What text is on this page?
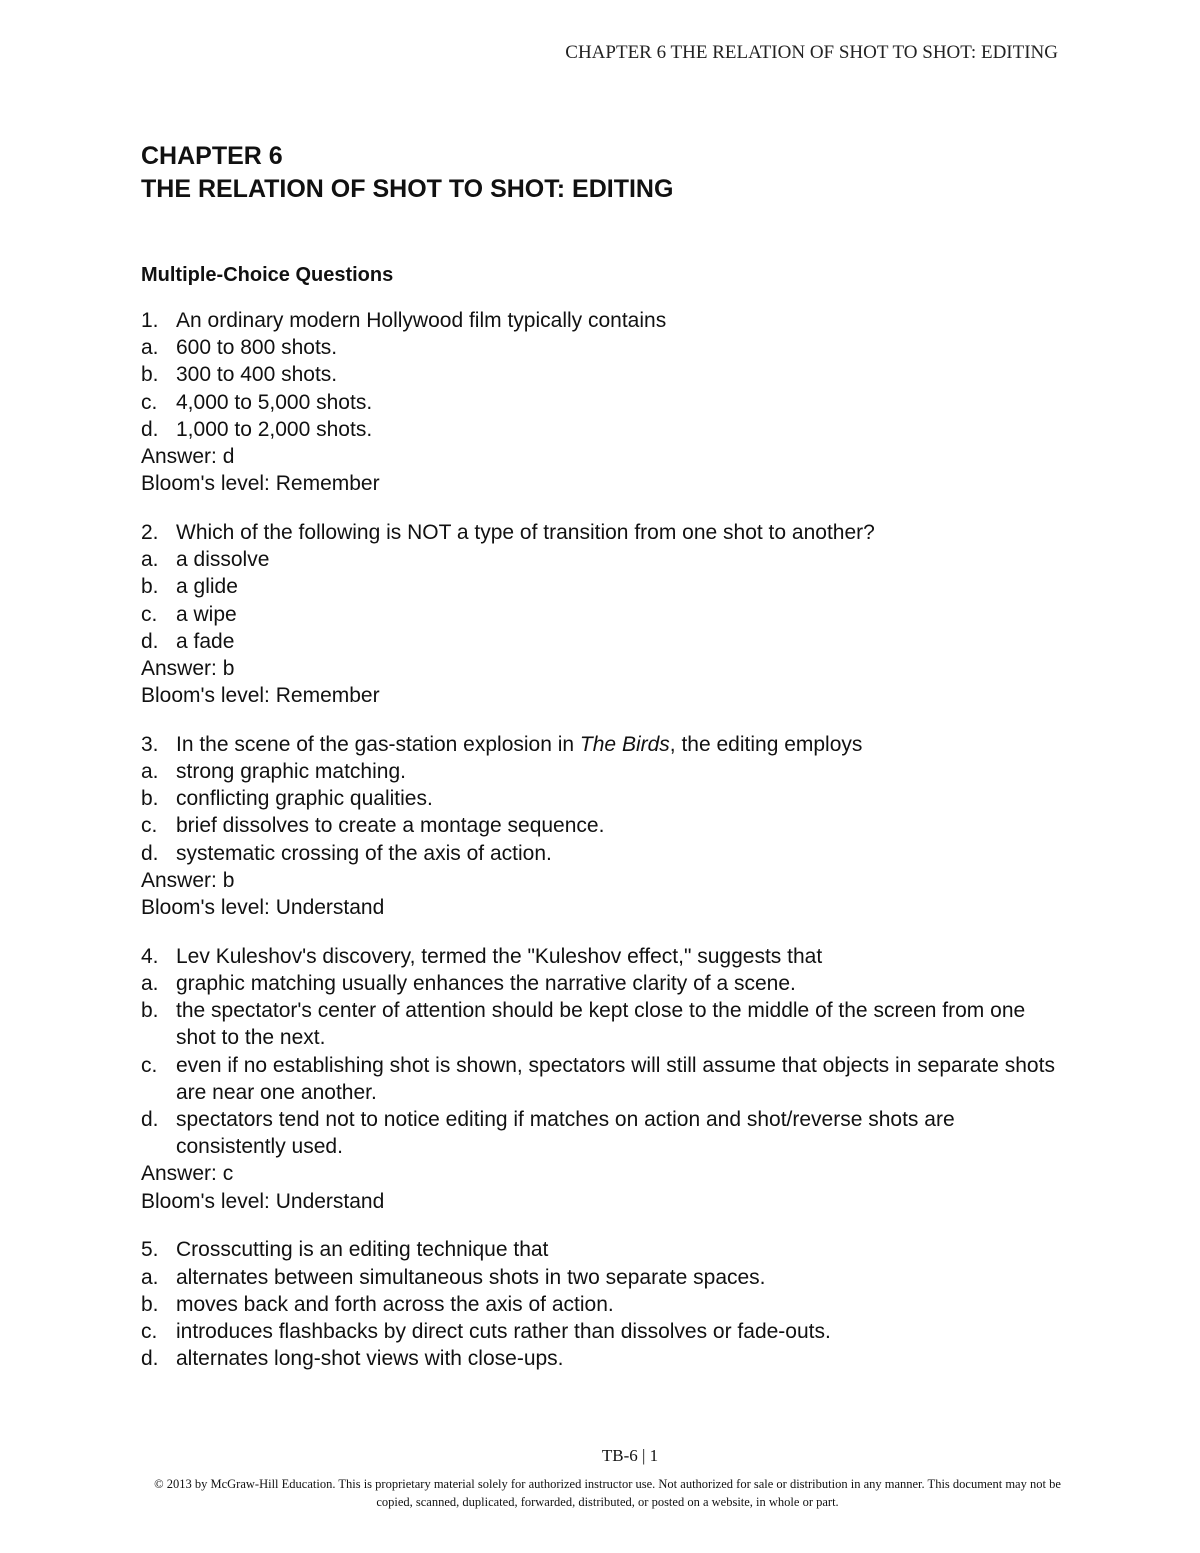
CHAPTER 6 THE RELATION OF SHOT TO SHOT: EDITING
CHAPTER 6
THE RELATION OF SHOT TO SHOT: EDITING
Multiple-Choice Questions
1. An ordinary modern Hollywood film typically contains
a. 600 to 800 shots.
b. 300 to 400 shots.
c. 4,000 to 5,000 shots.
d. 1,000 to 2,000 shots.
Answer: d
Bloom's level: Remember
2. Which of the following is NOT a type of transition from one shot to another?
a. a dissolve
b. a glide
c. a wipe
d. a fade
Answer: b
Bloom's level: Remember
3. In the scene of the gas-station explosion in The Birds, the editing employs
a. strong graphic matching.
b. conflicting graphic qualities.
c. brief dissolves to create a montage sequence.
d. systematic crossing of the axis of action.
Answer: b
Bloom's level: Understand
4. Lev Kuleshov's discovery, termed the "Kuleshov effect," suggests that
a. graphic matching usually enhances the narrative clarity of a scene.
b. the spectator's center of attention should be kept close to the middle of the screen from one shot to the next.
c. even if no establishing shot is shown, spectators will still assume that objects in separate shots are near one another.
d. spectators tend not to notice editing if matches on action and shot/reverse shots are consistently used.
Answer: c
Bloom's level: Understand
5. Crosscutting is an editing technique that
a. alternates between simultaneous shots in two separate spaces.
b. moves back and forth across the axis of action.
c. introduces flashbacks by direct cuts rather than dissolves or fade-outs.
d. alternates long-shot views with close-ups.
TB-6 | 1
© 2013 by McGraw-Hill Education. This is proprietary material solely for authorized instructor use. Not authorized for sale or distribution in any manner. This document may not be copied, scanned, duplicated, forwarded, distributed, or posted on a website, in whole or part.
